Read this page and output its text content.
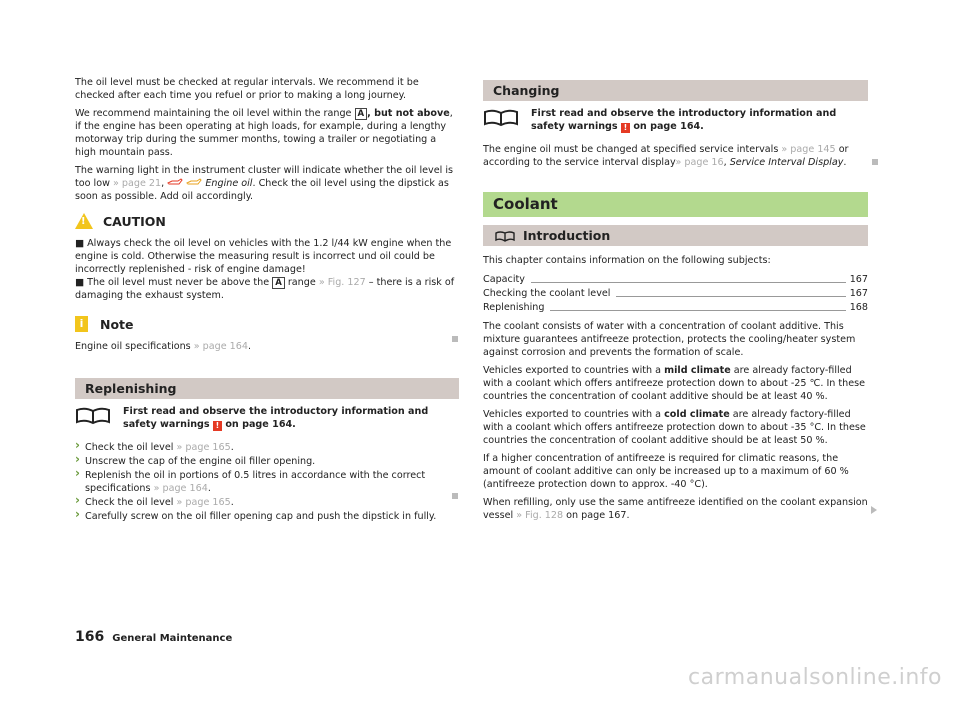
The oil level must be checked at regular intervals. We recommend it be checked after each time you refuel or prior to making a long journey.

We recommend maintaining the oil level within the range A , but not above, if the engine has been operating at high loads, for example, during a lengthy motorway trip during the summer months, towing a trailer or negotiating a high mountain pass.

The warning light in the instrument cluster will indicate whether the oil level is too low » page 21,	Engine oil. Check the oil level using the dipstick as soon as possible. Add oil accordingly.

! CAUTION

■ Always check the oil level on vehicles with the 1.2 l/44 kW engine when the engine is cold. Otherwise the measuring result is incorrect und oil could be incorrectly replenished - risk of engine damage!

■ The oil level must never be above the A range » Fig. 127 – there is a risk of damaging the exhaust system.

i	Note

Engine oil specifications » page 164.

Replenishing
First read and observe the introductory information and safety warnings ! on page 164.
› Check the oil level » page 165.
› Unscrew the cap of the engine oil filler opening.
› Replenish the oil in portions of 0.5 litres in accordance with the correct specifications » page 164.
› Check the oil level » page 165.
› Carefully screw on the oil filler opening cap and push the dipstick in fully.
Changing
First read and observe the introductory information and safety warnings ! on page 164.

The engine oil must be changed at specified service intervals » page 145 or according to the service interval display» page 16, Service Interval Display.

Coolant
Introduction

This chapter contains information on the following subjects:

Capacity	167
Checking the coolant level	167
Replenishing	168

The coolant consists of water with a concentration of coolant additive. This mixture guarantees antifreeze protection, protects the cooling/heater system against corrosion and prevents the formation of scale.

Vehicles exported to countries with a mild climate are already factory-filled with a coolant which offers antifreeze protection down to about -25 ℃. In these countries the concentration of coolant additive should be at least 40 %.

Vehicles exported to countries with a cold climate are already factory-filled with a coolant which offers antifreeze protection down to about -35 °C. In these countries the concentration of coolant additive should be at least 50 %.

If a higher concentration of antifreeze is required for climatic reasons, the amount of coolant additive can only be increased up to a maximum of 60 % (antifreeze protection down to approx. -40 °C).

When refilling, only use the same antifreeze identified on the coolant expansion vessel » Fig. 128 on page 167.

166 General Maintenance
carmanualsonline.info
